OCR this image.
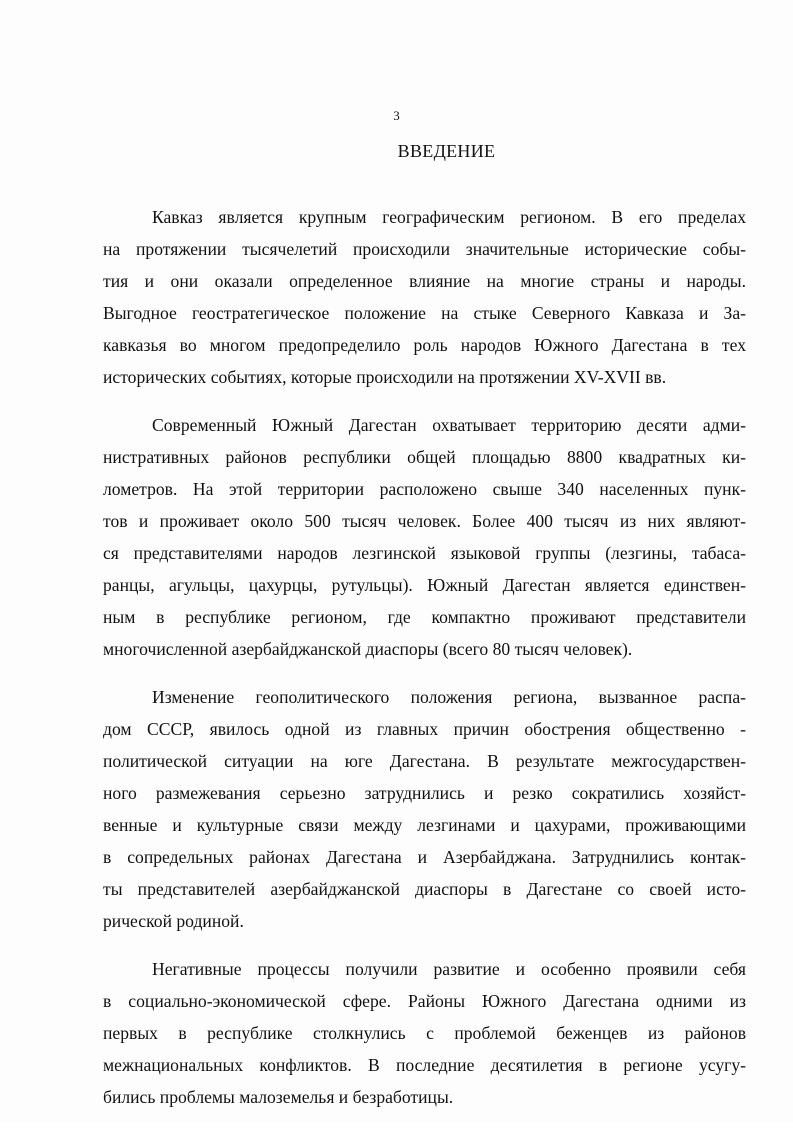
3
ВВЕДЕНИЕ

Кавказ является крупным географическим регионом. В его пределах
на протяжении тысячелетий происходили значительные исторические собы-
тия и они оказали определенное влияние на многие страны и народы.
Выгодное геостратегическое положение на стыке Северного Кавказа и За-
кавказья во многом предопределило роль народов Южного Дагестана в тех
исторических событиях, которые происходили на протяжении XV-XVII вв.

Современный Южный Дагестан охватывает территорию десяти адми-
нистративных районов республики общей площадью 8800 квадратных ки-
лометров. На этой территории расположено свыше 340 населенных пунк-
тов и проживает около 500 тысяч человек. Более 400 тысяч из них являют-
ся представителями народов лезгинской языковой группы (лезгины, табаса-
ранцы, агульцы, цахурцы, рутульцы). Южный Дагестан является единствен-
ным в республике регионом, где компактно проживают представители
многочисленной азербайджанской диаспоры (всего 80 тысяч человек).

Изменение геополитического положения региона, вызванное распа-
дом СССР, явилось одной из главных причин обострения общественно -
политической ситуации на юге Дагестана. В результате межгосударствен-
ного размежевания серьезно затруднились и резко сократились хозяйст-
венные и культурные связи между лезгинами и цахурами, проживающими
в сопредельных районах Дагестана и Азербайджана. Затруднились контак-
ты представителей азербайджанской диаспоры в Дагестане со своей исто-
рической родиной.

Негативные процессы получили развитие и особенно проявили себя
в социально-экономической сфере. Районы Южного Дагестана одними из
первых в республике столкнулись с проблемой беженцев из районов
межнациональных конфликтов. В последние десятилетия в регионе усугу-
бились проблемы малоземелья и безработицы.
